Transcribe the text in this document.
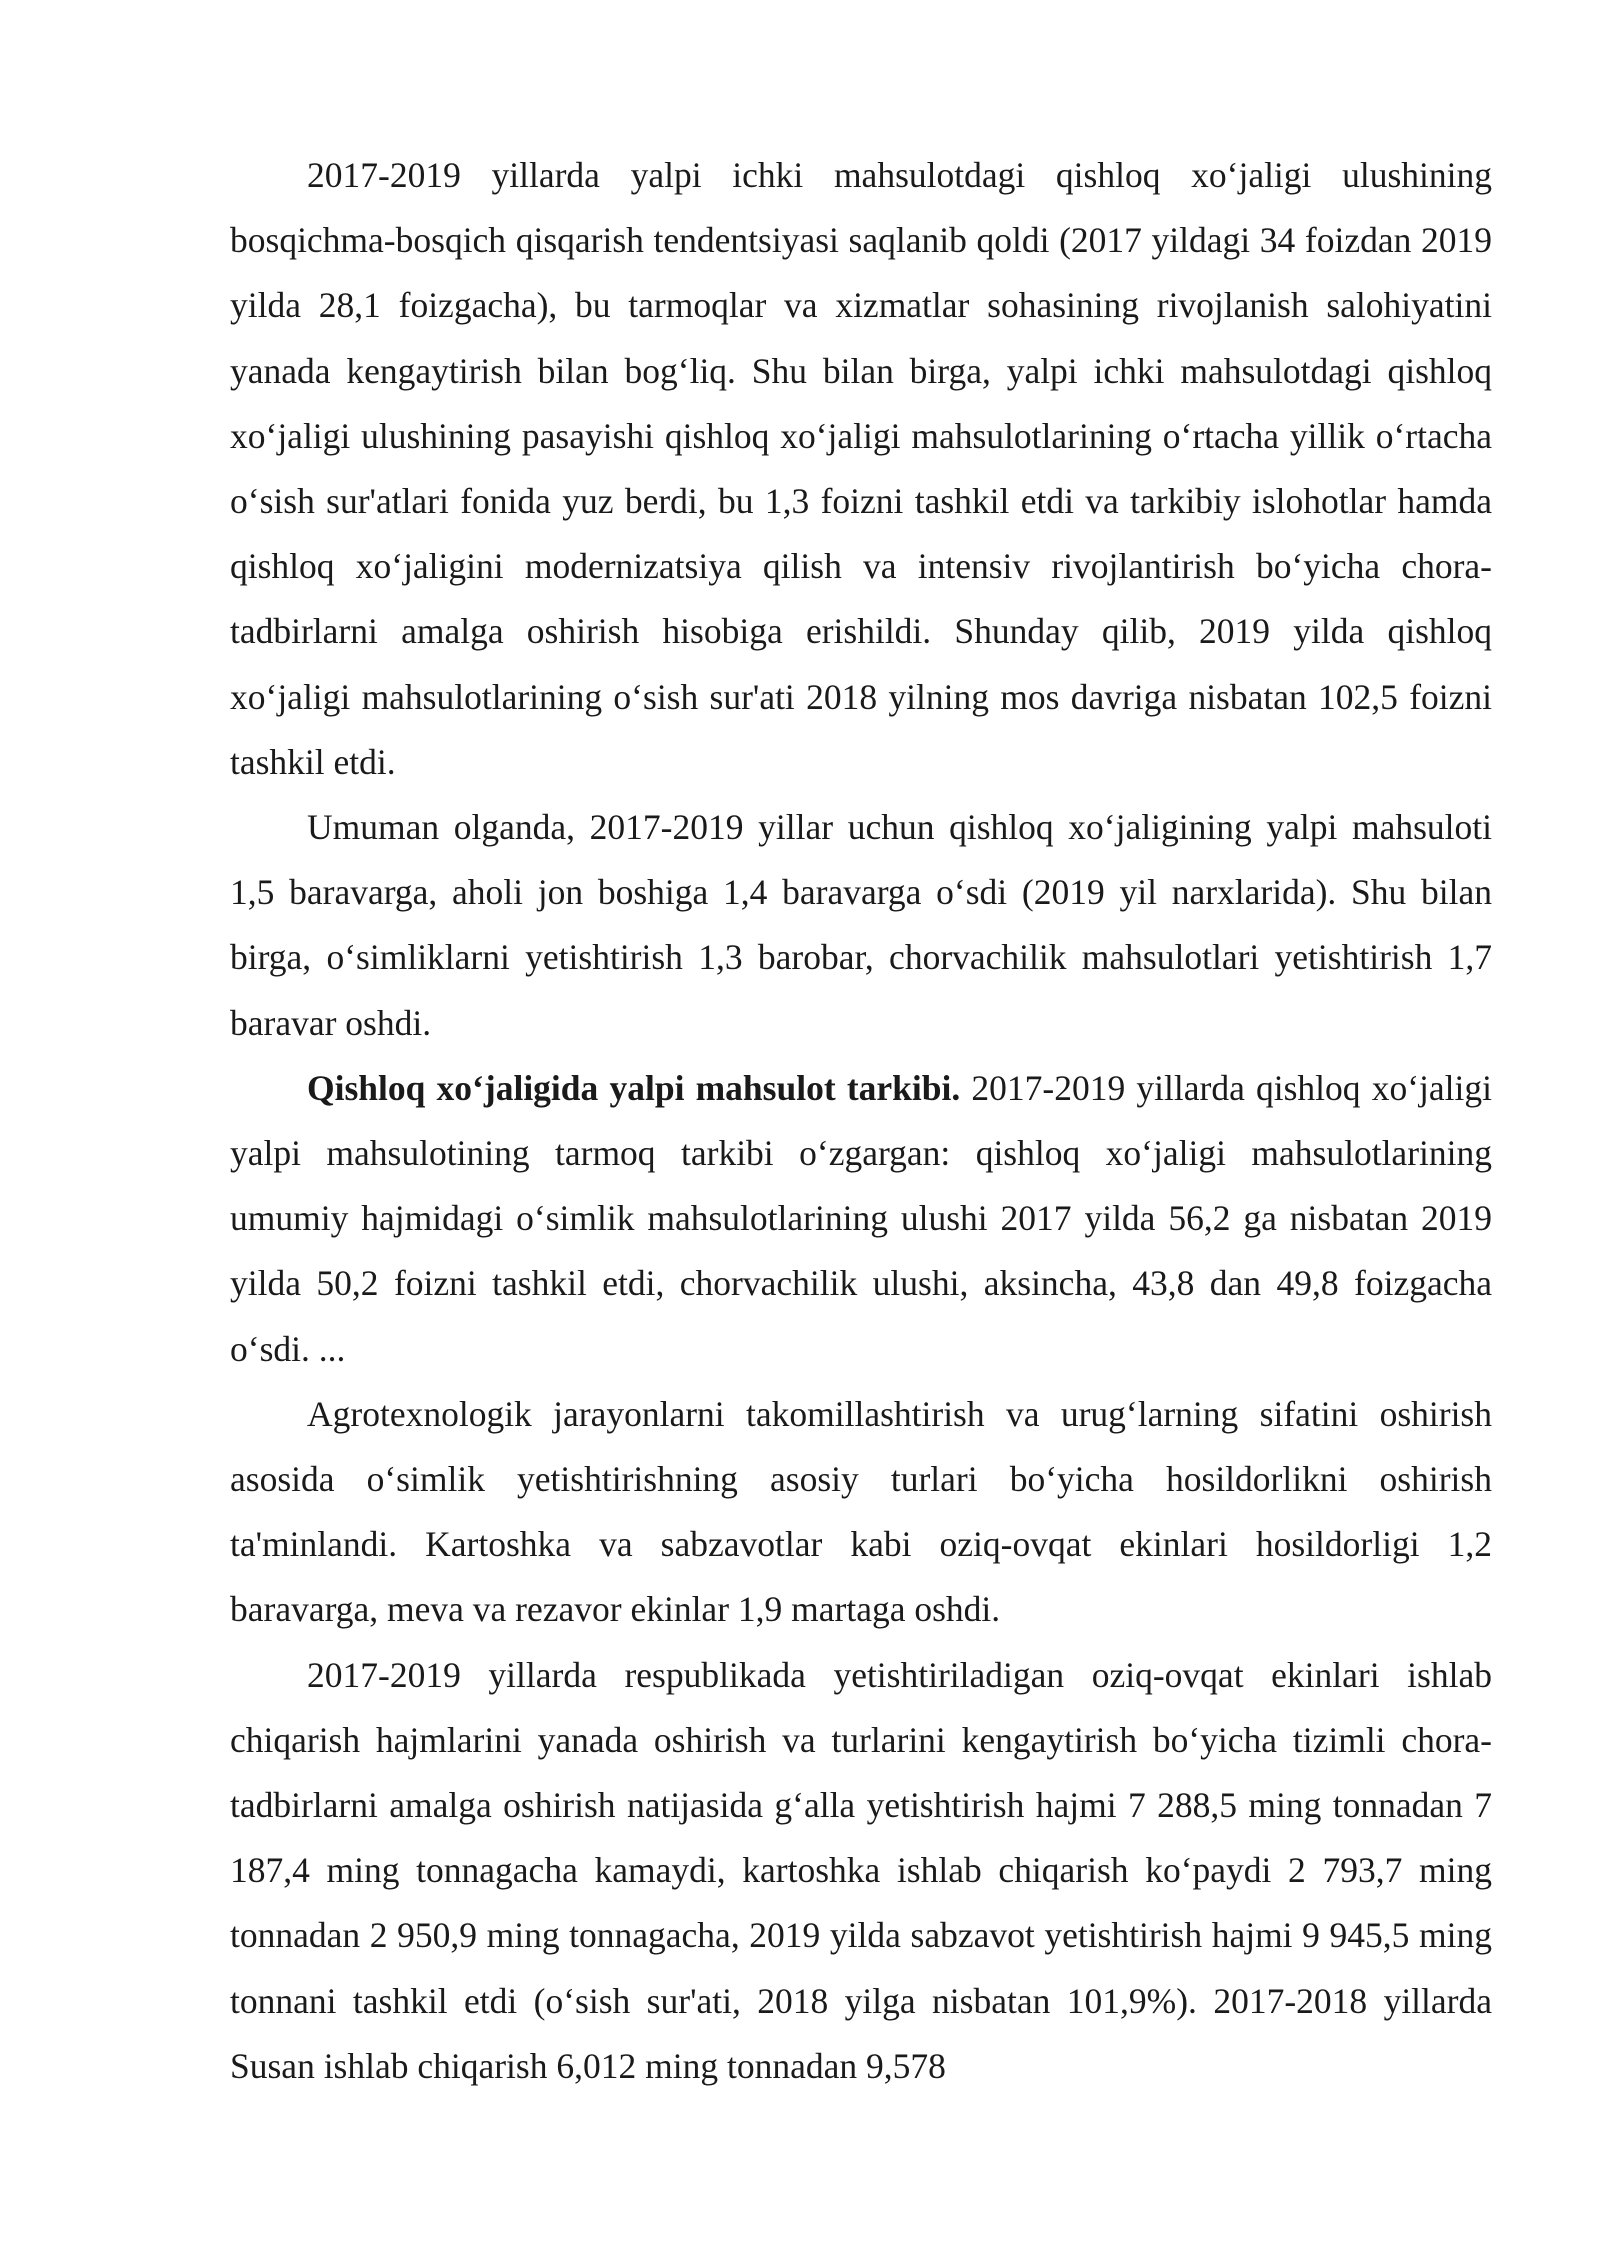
2017-2019 yillarda yalpi ichki mahsulotdagi qishloq xo‘jaligi ulushining bosqichma-bosqich qisqarish tendentsiyasi saqlanib qoldi (2017 yildagi 34 foizdan 2019 yilda 28,1 foizgacha), bu tarmoqlar va xizmatlar sohasining rivojlanish salohiyatini yanada kengaytirish bilan bog‘liq. Shu bilan birga, yalpi ichki mahsulotdagi qishloq xo‘jaligi ulushining pasayishi qishloq xo‘jaligi mahsulotlarining o‘rtacha yillik o‘rtacha o‘sish sur'atlari fonida yuz berdi, bu 1,3 foizni tashkil etdi va tarkibiy islohotlar hamda qishloq xo‘jaligini modernizatsiya qilish va intensiv rivojlantirish bo‘yicha chora-tadbirlarni amalga oshirish hisobiga erishildi. Shunday qilib, 2019 yilda qishloq xo‘jaligi mahsulotlarining o‘sish sur'ati 2018 yilning mos davriga nisbatan 102,5 foizni tashkil etdi.

Umuman olganda, 2017-2019 yillar uchun qishloq xo‘jaligining yalpi mahsuloti 1,5 baravarga, aholi jon boshiga 1,4 baravarga o‘sdi (2019 yil narxlarida). Shu bilan birga, o‘simliklarni yetishtirish 1,3 barobar, chorvachilik mahsulotlari yetishtirish 1,7 baravar oshdi.

Qishloq xo‘jaligida yalpi mahsulot tarkibi. 2017-2019 yillarda qishloq xo‘jaligi yalpi mahsulotining tarmoq tarkibi o‘zgargan: qishloq xo‘jaligi mahsulotlarining umumiy hajmidagi o‘simlik mahsulotlarining ulushi 2017 yilda 56,2 ga nisbatan 2019 yilda 50,2 foizni tashkil etdi, chorvachilik ulushi, aksincha, 43,8 dan 49,8 foizgacha o‘sdi. ...

Agrotexnologik jarayonlarni takomillashtirish va urug‘larning sifatini oshirish asosida o‘simlik yetishtirishning asosiy turlari bo‘yicha hosildorlikni oshirish ta'minlandi. Kartoshka va sabzavotlar kabi oziq-ovqat ekinlari hosildorligi 1,2 baravarga, meva va rezavor ekinlar 1,9 martaga oshdi.

2017-2019 yillarda respublikada yetishtiriladigan oziq-ovqat ekinlari ishlab chiqarish hajmlarini yanada oshirish va turlarini kengaytirish bo‘yicha tizimli chora-tadbirlarni amalga oshirish natijasida g‘alla yetishtirish hajmi 7 288,5 ming tonnadan 7 187,4 ming tonnagacha kamaydi, kartoshka ishlab chiqarish ko‘paydi 2 793,7 ming tonnadan 2 950,9 ming tonnagacha, 2019 yilda sabzavot yetishtirish hajmi 9 945,5 ming tonnani tashkil etdi (o‘sish sur'ati, 2018 yilga nisbatan 101,9%). 2017-2018 yillarda Susan ishlab chiqarish 6,012 ming tonnadan 9,578
